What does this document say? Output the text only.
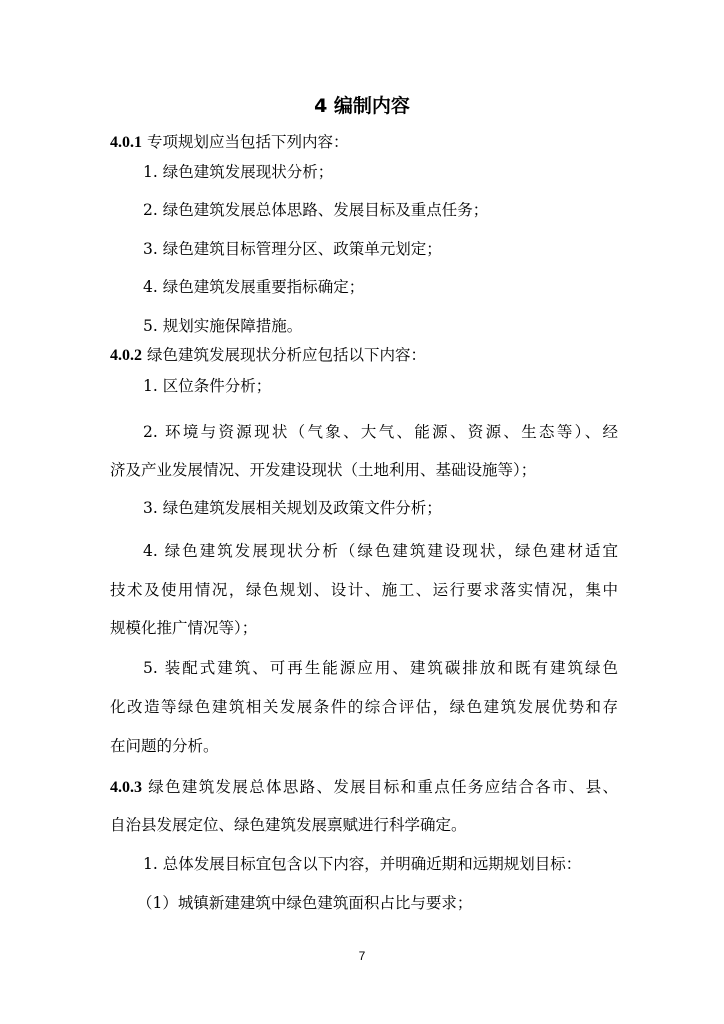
4 编制内容
4.0.1 专项规划应当包括下列内容：
1. 绿色建筑发展现状分析；
2. 绿色建筑发展总体思路、发展目标及重点任务；
3. 绿色建筑目标管理分区、政策单元划定；
4. 绿色建筑发展重要指标确定；
5. 规划实施保障措施。
4.0.2 绿色建筑发展现状分析应包括以下内容：
1. 区位条件分析；
2. 环境与资源现状（气象、大气、能源、资源、生态等）、经
济及产业发展情况、开发建设现状（土地利用、基础设施等）；
3. 绿色建筑发展相关规划及政策文件分析；
4. 绿色建筑发展现状分析（绿色建筑建设现状，绿色建材适宜
技术及使用情况，绿色规划、设计、施工、运行要求落实情况，集中
规模化推广情况等）；
5. 装配式建筑、可再生能源应用、建筑碳排放和既有建筑绿色
化改造等绿色建筑相关发展条件的综合评估，绿色建筑发展优势和存
在问题的分析。
4.0.3 绿色建筑发展总体思路、发展目标和重点任务应结合各市、县、
自治县发展定位、绿色建筑发展禀赋进行科学确定。
1. 总体发展目标宜包含以下内容，并明确近期和远期规划目标：
（1）城镇新建建筑中绿色建筑面积占比与要求；
7
